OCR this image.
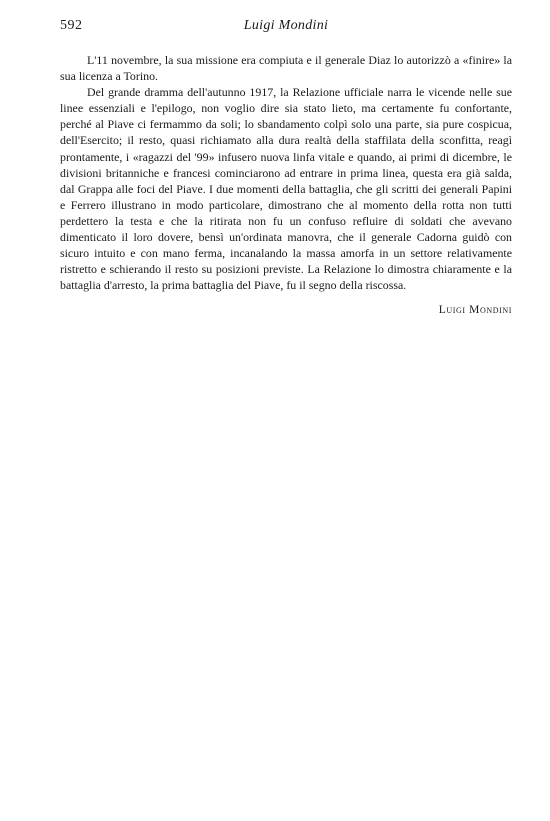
592	Luigi Mondini

L'11 novembre, la sua missione era compiuta e il generale Diaz lo autorizzò a «finire» la sua licenza a Torino.

Del grande dramma dell'autunno 1917, la Relazione ufficiale narra le vicende nelle sue linee essenziali e l'epilogo, non voglio dire sia stato lieto, ma certamente fu confortante, perché al Piave ci fermammo da soli; lo sbandamento colpì solo una parte, sia pure cospicua, dell'Esercito; il resto, quasi richiamato alla dura realtà della staffilata della sconfitta, reagì prontamente, i «ragazzi del '99» infusero nuova linfa vitale e quando, ai primi di dicembre, le divisioni britanniche e francesi cominciarono ad entrare in prima linea, questa era già salda, dal Grappa alle foci del Piave. I due momenti della battaglia, che gli scritti dei generali Papini e Ferrero illustrano in modo particolare, dimostrano che al momento della rotta non tutti perdettero la testa e che la ritirata non fu un confuso refluire di soldati che avevano dimenticato il loro dovere, bensì un'ordinata manovra, che il generale Cadorna guidò con sicuro intuito e con mano ferma, incanalando la massa amorfa in un settore relativamente ristretto e schierando il resto su posizioni previste. La Relazione lo dimostra chiaramente e la battaglia d'arresto, la prima battaglia del Piave, fu il segno della riscossa.

Luigi Mondini
